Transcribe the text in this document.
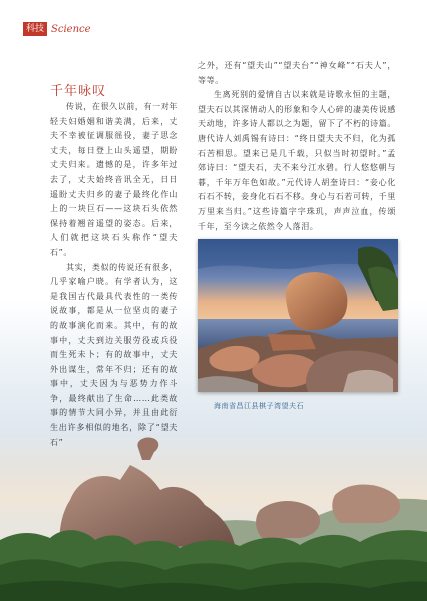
科技 Science
千年咏叹

传说，在很久以前，有一对年轻夫妇婚姻和谐美满，后来，丈夫不幸被征调服徭役，妻子思念丈夫，每日登上山头遥望，期盼丈夫归来。遗憾的是，许多年过去了，丈夫始终音讯全无，日日遥盼丈夫归乡的妻子最终化作山上的一块巨石——这块石头依然保持着翘首遥望的姿态。后来，人们就把这块石头称作“望夫石”。

其实，类似的传说还有很多，几乎家喻户晓。有学者认为，这是我国古代最具代表性的一类传说故事，都是从一位坚贞的妻子的故事演化而来。其中，有的故事中，丈夫到边关服劳役或兵役而生死未卜；有的故事中，丈夫外出谋生，常年不归；还有的故事中，丈夫因为与恶势力作斗争，最终献出了生命……此类故事的情节大同小异，并且由此衍生出许多相似的地名，除了“望夫石”

之外，还有“望夫山”“望夫台”“神女峰”“石夫人”，等等。

生离死别的爱情自古以来就是诗歌永恒的主题，望夫石以其深情动人的形象和令人心碎的凄美传说感天动地，许多诗人都以之为题，留下了不朽的诗篇。唐代诗人刘禹锡有诗曰：“终日望夫夫不归，化为孤石苦相思。望来已是几千载，只似当时初望时。”孟郊诗曰：“望夫石，夫不来兮江水碧。行人悠悠朝与暮，千年万年色如故。”元代诗人胡奎诗曰：“妾心化石石不转，妾身化石石不移。身心与石若可转，千里万里来当归。”这些诗篇字字珠玑，声声泣血，传颂千年，至今读之依然令人落泪。

海南省昌江县棋子湾望夫石
